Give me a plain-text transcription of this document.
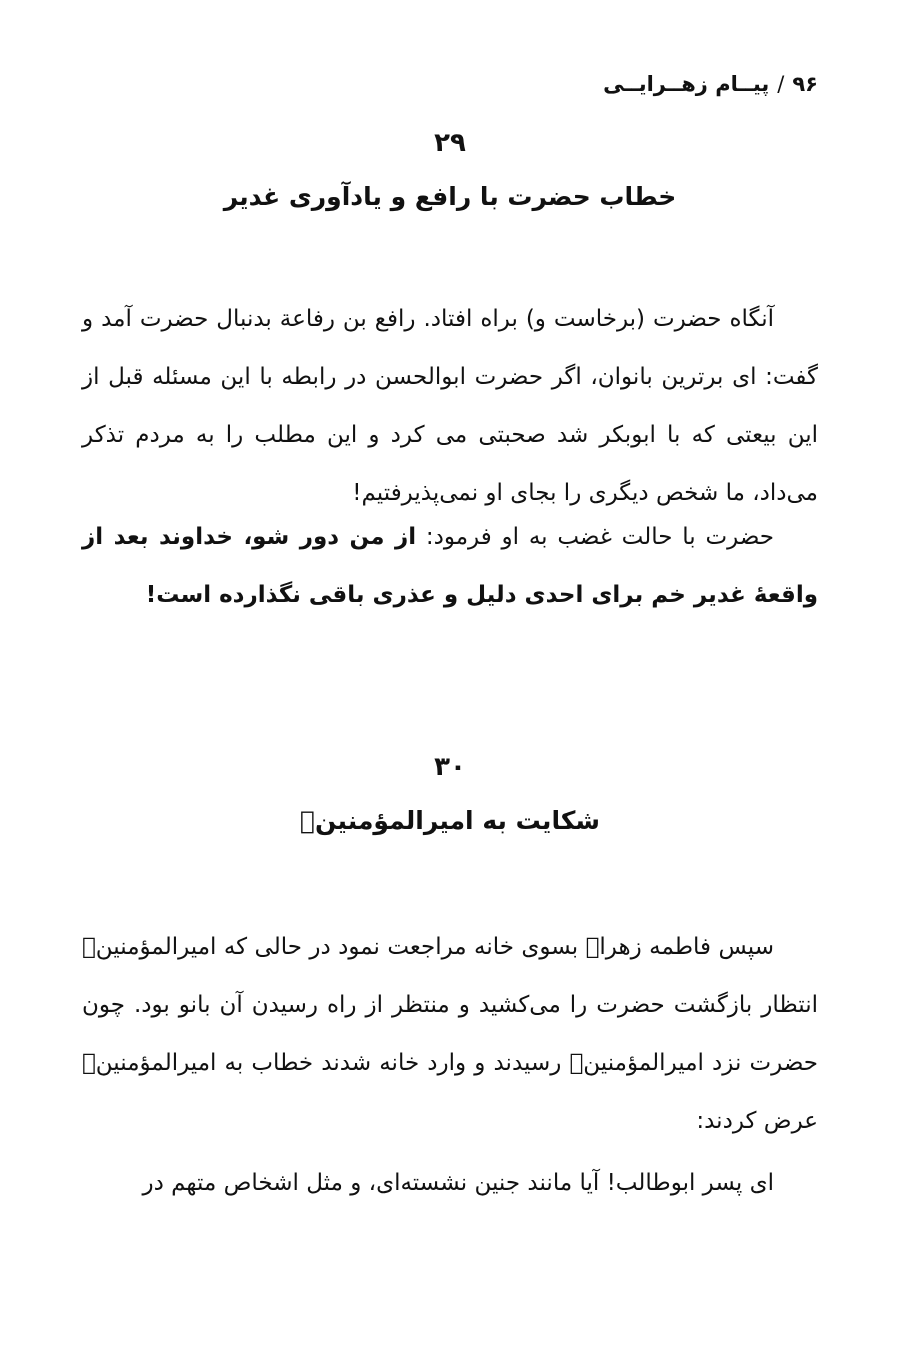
۹۶/پیــام زهــرایــی

۲۹

خطاب حضرت با رافع و یادآوری غدیر

آنگاه حضرت (برخاست و) براه افتاد. رافع بن رفاعة بدنبال حضرت آمد و گفت: ای برترین بانوان، اگر حضرت ابوالحسن در رابطه با این مسئله قبل از این بیعتی که با ابوبکر شد صحبتی می کرد و این مطلب را به مردم تذکر می‌داد، ما شخص دیگری را بجای او نمی‌پذیرفتیم!

حضرت با حالت غضب به او فرمود: از من دور شو، خداوند بعد از واقعهٔ غدیر خم برای احدی دلیل و عذری باقی نگذارده است!

۳۰

شکایت به امیرالمؤمنینؑ

سپس فاطمه زهراؒ بسوی خانه مراجعت نمود در حالی که امیرالمؤمنینؑ انتظار بازگشت حضرت را می‌کشید و منتظر از راه رسیدن آن بانو بود. چون حضرت نزد امیرالمؤمنینؑ رسیدند و وارد خانه شدند خطاب به امیرالمؤمنینؑ عرض کردند:

ای پسر ابوطالب! آیا مانند جنین نشسته‌ای، و مثل اشخاص متهم در
